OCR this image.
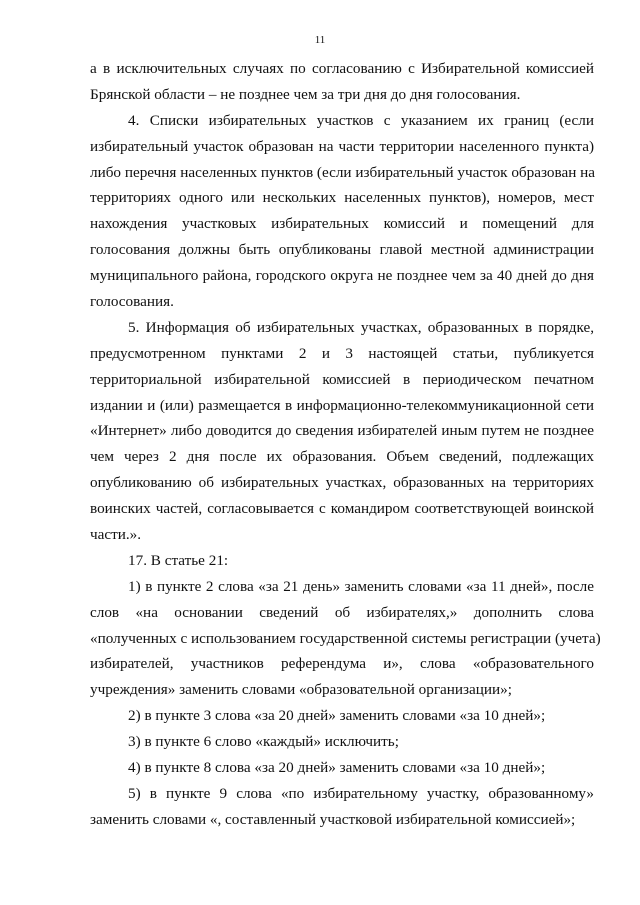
11
а в исключительных случаях по согласованию с Избирательной комиссией
Брянской области – не позднее чем за три дня до дня голосования.
4. Списки избирательных участков с указанием их границ (если
избирательный участок образован на части территории населенного пункта)
либо перечня населенных пунктов (если избирательный участок образован на
территориях одного или нескольких населенных пунктов), номеров, мест
нахождения участковых избирательных комиссий и помещений для
голосования должны быть опубликованы главой местной администрации
муниципального района, городского округа не позднее чем за 40 дней до дня
голосования.
5. Информация об избирательных участках, образованных в порядке,
предусмотренном пунктами 2 и 3 настоящей статьи, публикуется
территориальной избирательной комиссией в периодическом печатном
издании и (или) размещается в информационно-телекоммуникационной сети
«Интернет» либо доводится до сведения избирателей иным путем не позднее
чем через 2 дня после их образования. Объем сведений, подлежащих
опубликованию об избирательных участках, образованных на территориях
воинских частей, согласовывается с командиром соответствующей воинской
части.».
17. В статье 21:
1) в пункте 2 слова «за 21 день» заменить словами «за 11 дней», после
слов «на основании сведений об избирателях,» дополнить слова
«полученных с использованием государственной системы регистрации (учета)
избирателей, участников референдума и», слова «образовательного
учреждения» заменить словами «образовательной организации»;
2) в пункте 3 слова «за 20 дней» заменить словами «за 10 дней»;
3) в пункте 6 слово «каждый» исключить;
4) в пункте 8 слова «за 20 дней» заменить словами «за 10 дней»;
5) в пункте 9 слова «по избирательному участку, образованному»
заменить словами «, составленный участковой избирательной комиссией»;
